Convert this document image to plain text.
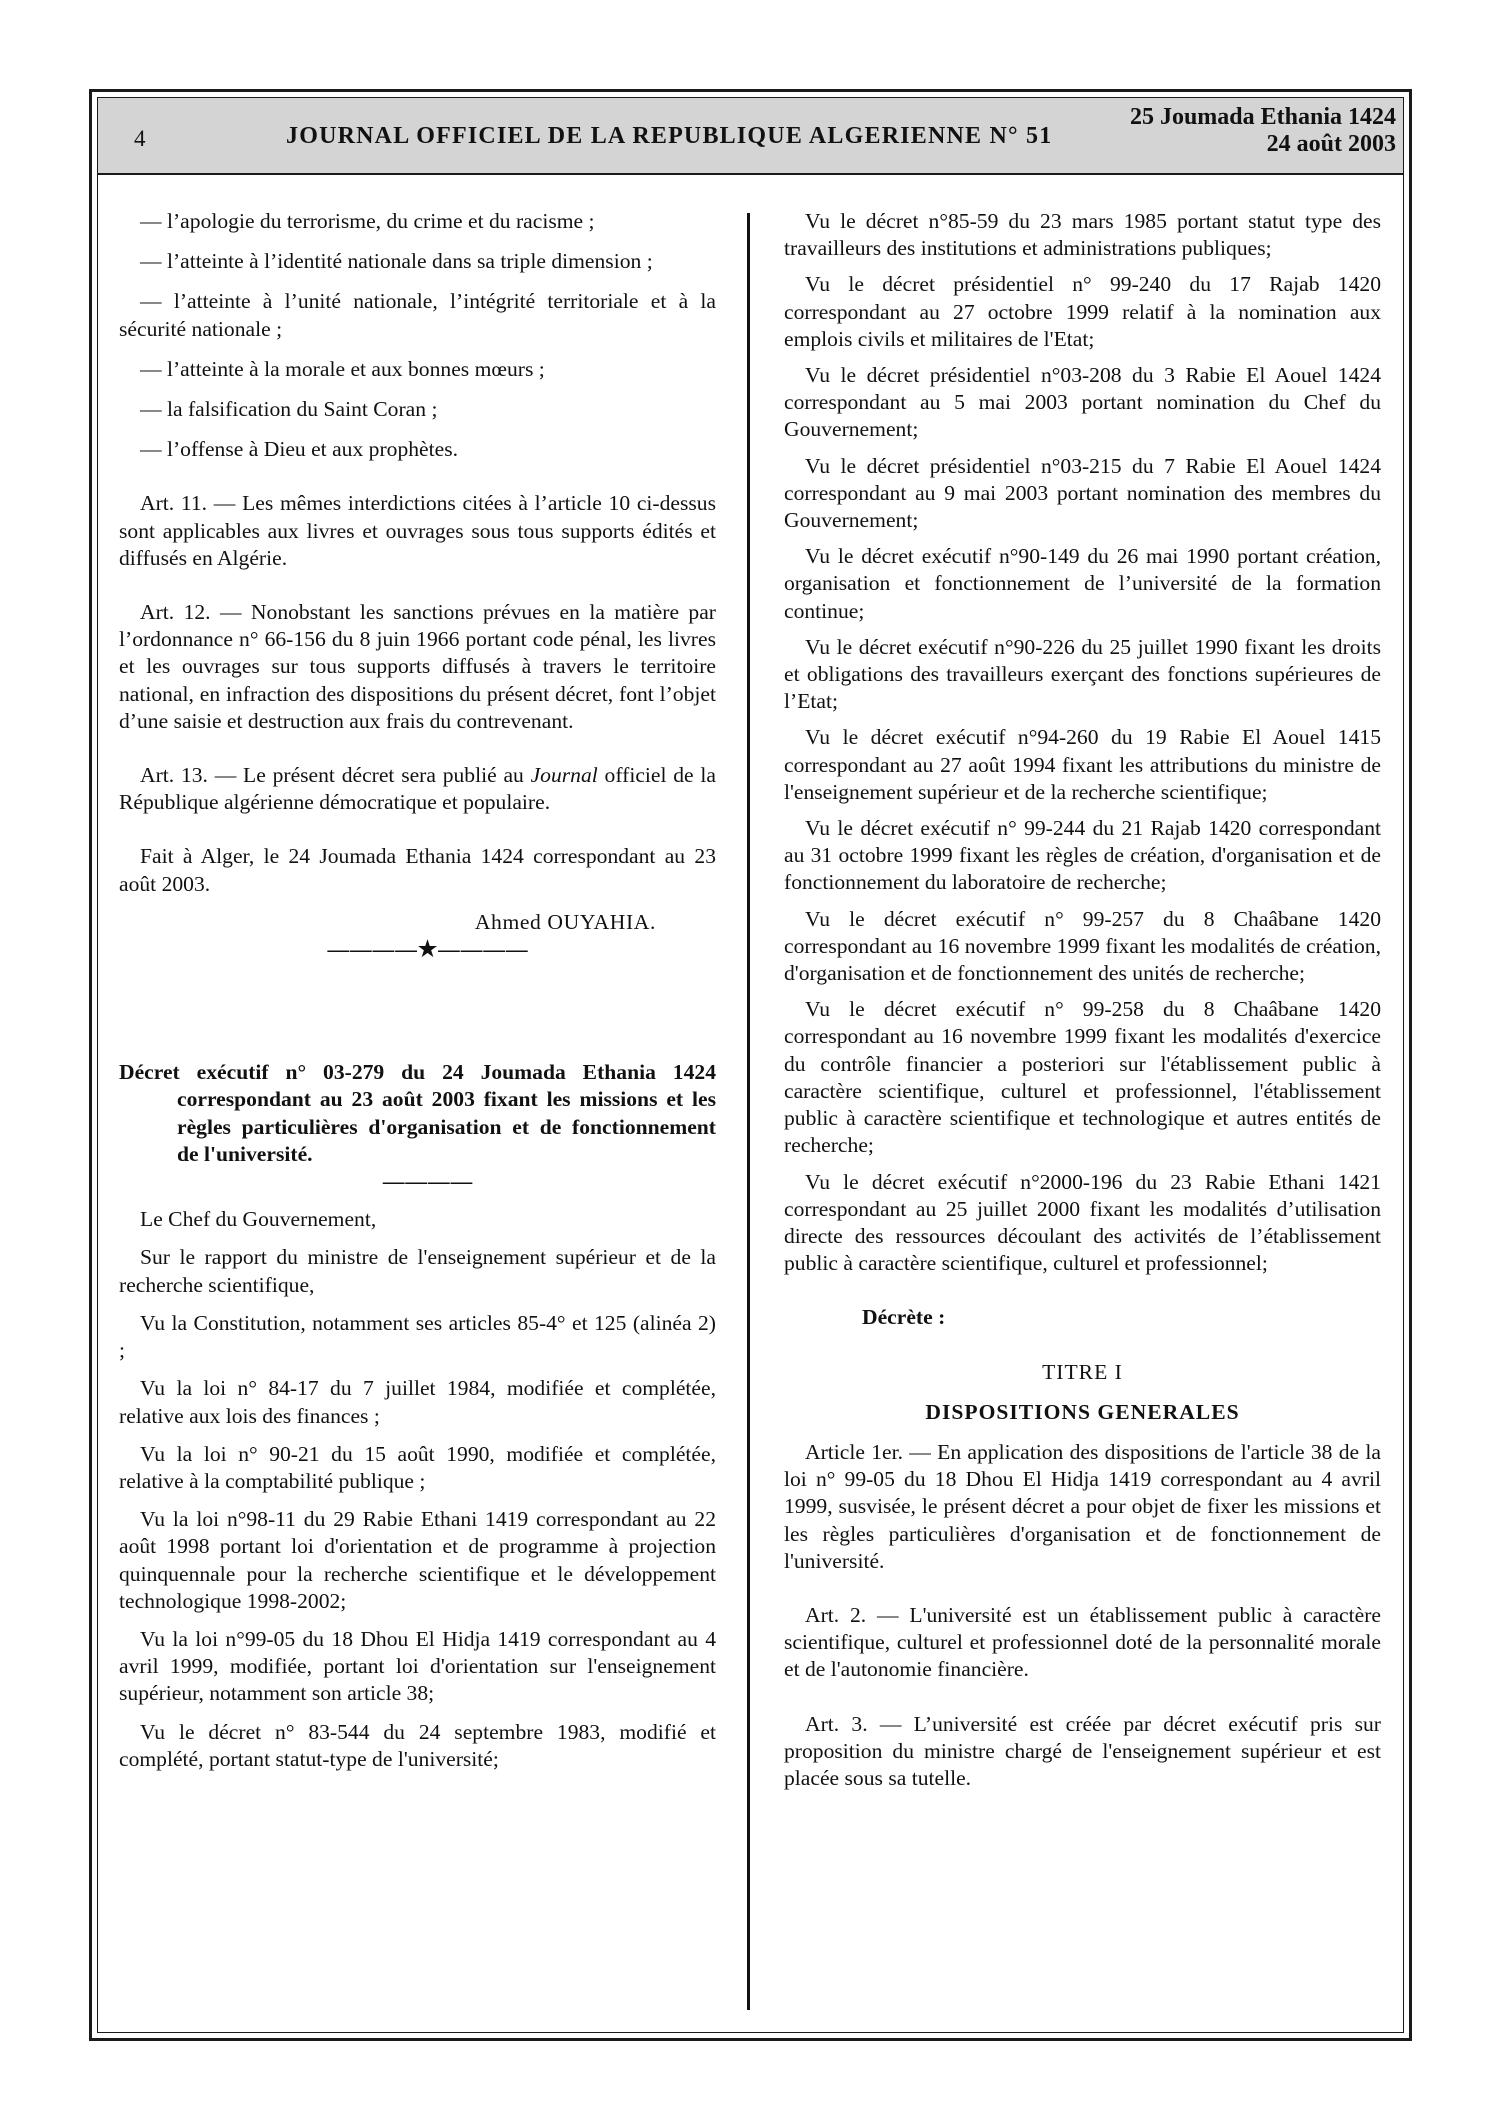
4	JOURNAL OFFICIEL DE LA REPUBLIQUE ALGERIENNE N° 51
25 Joumada Ethania 1424
24 août 2003

— l’apologie du terrorisme, du crime et du racisme ;

— l’atteinte à l’identité nationale dans sa triple dimension ;

— l’atteinte à l’unité nationale, l’intégrité territoriale et à la sécurité nationale ;

— l’atteinte à la morale et aux bonnes mœurs ;

— la falsification du Saint Coran ;

— l’offense à Dieu et aux prophètes.

Art. 11. — Les mêmes interdictions citées à l’article 10 ci-dessus sont applicables aux livres et ouvrages sous tous supports édités et diffusés en Algérie.

Art. 12. — Nonobstant les sanctions prévues en la matière par l’ordonnance n° 66-156 du 8 juin 1966 portant code pénal, les livres et les ouvrages sur tous supports diffusés à travers le territoire national, en infraction des dispositions du présent décret, font l’objet d’une saisie et destruction aux frais du contrevenant.

Art. 13. — Le présent décret sera publié au Journal officiel de la République algérienne démocratique et populaire.

Fait à Alger, le 24 Joumada Ethania 1424 correspondant au 23 août 2003.

Ahmed OUYAHIA.

————★————

Décret exécutif n° 03-279 du 24 Joumada Ethania 1424 correspondant au 23 août 2003 fixant les missions et les règles particulières d'organisation et de fonctionnement de l'université.

————

Le Chef du Gouvernement,

Sur le rapport du ministre de l'enseignement supérieur et de la recherche scientifique,

Vu la Constitution, notamment ses articles 85-4° et 125 (alinéa 2) ;

Vu la loi n° 84-17 du 7 juillet 1984, modifiée et complétée, relative aux lois des finances ;

Vu la loi n° 90-21 du 15 août 1990, modifiée et complétée, relative à la comptabilité publique ;

Vu la loi n°98-11 du 29 Rabie Ethani 1419 correspondant au 22 août 1998 portant loi d'orientation et de programme à projection quinquennale pour la recherche scientifique et le développement technologique 1998-2002;

Vu la loi n°99-05 du 18 Dhou El Hidja 1419 correspondant au 4 avril 1999, modifiée, portant loi d'orientation sur l'enseignement supérieur, notamment son article 38;

Vu le décret n° 83-544 du 24 septembre 1983, modifié et complété, portant statut-type de l'université;

Vu le décret n°85-59 du 23 mars 1985 portant statut type des travailleurs des institutions et administrations publiques;

Vu le décret présidentiel n° 99-240 du 17 Rajab 1420 correspondant au 27 octobre 1999 relatif à la nomination aux emplois civils et militaires de l'Etat;

Vu le décret présidentiel n°03-208 du 3 Rabie El Aouel 1424 correspondant au 5 mai 2003 portant nomination du Chef du Gouvernement;

Vu le décret présidentiel n°03-215 du 7 Rabie El Aouel 1424 correspondant au 9 mai 2003 portant nomination des membres du Gouvernement;

Vu le décret exécutif n°90-149 du 26 mai 1990 portant création, organisation et fonctionnement de l’université de la formation continue;

Vu le décret exécutif n°90-226 du 25 juillet 1990 fixant les droits et obligations des travailleurs exerçant des fonctions supérieures de l’Etat;

Vu le décret exécutif n°94-260 du 19 Rabie El Aouel 1415 correspondant au 27 août 1994 fixant les attributions du ministre de l'enseignement supérieur et de la recherche scientifique;

Vu le décret exécutif n° 99-244 du 21 Rajab 1420 correspondant au 31 octobre 1999 fixant les règles de création, d'organisation et de fonctionnement du laboratoire de recherche;

Vu le décret exécutif n° 99-257 du 8 Chaâbane 1420 correspondant au 16 novembre 1999 fixant les modalités de création, d'organisation et de fonctionnement des unités de recherche;

Vu le décret exécutif n° 99-258 du 8 Chaâbane 1420 correspondant au 16 novembre 1999 fixant les modalités d'exercice du contrôle financier a posteriori sur l'établissement public à caractère scientifique, culturel et professionnel, l'établissement public à caractère scientifique et technologique et autres entités de recherche;

Vu le décret exécutif n°2000-196 du 23 Rabie Ethani 1421 correspondant au 25 juillet 2000 fixant les modalités d’utilisation directe des ressources découlant des activités de l’établissement public à caractère scientifique, culturel et professionnel;

Décrète :

TITRE I

DISPOSITIONS GENERALES

Article 1er. — En application des dispositions de l'article 38 de la loi n° 99-05 du 18 Dhou El Hidja 1419 correspondant au 4 avril 1999, susvisée, le présent décret a pour objet de fixer les missions et les règles particulières d'organisation et de fonctionnement de l'université.

Art. 2. — L'université est un établissement public à caractère scientifique, culturel et professionnel doté de la personnalité morale et de l'autonomie financière.

Art. 3. — L’université est créée par décret exécutif pris sur proposition du ministre chargé de l'enseignement supérieur et est placée sous sa tutelle.
